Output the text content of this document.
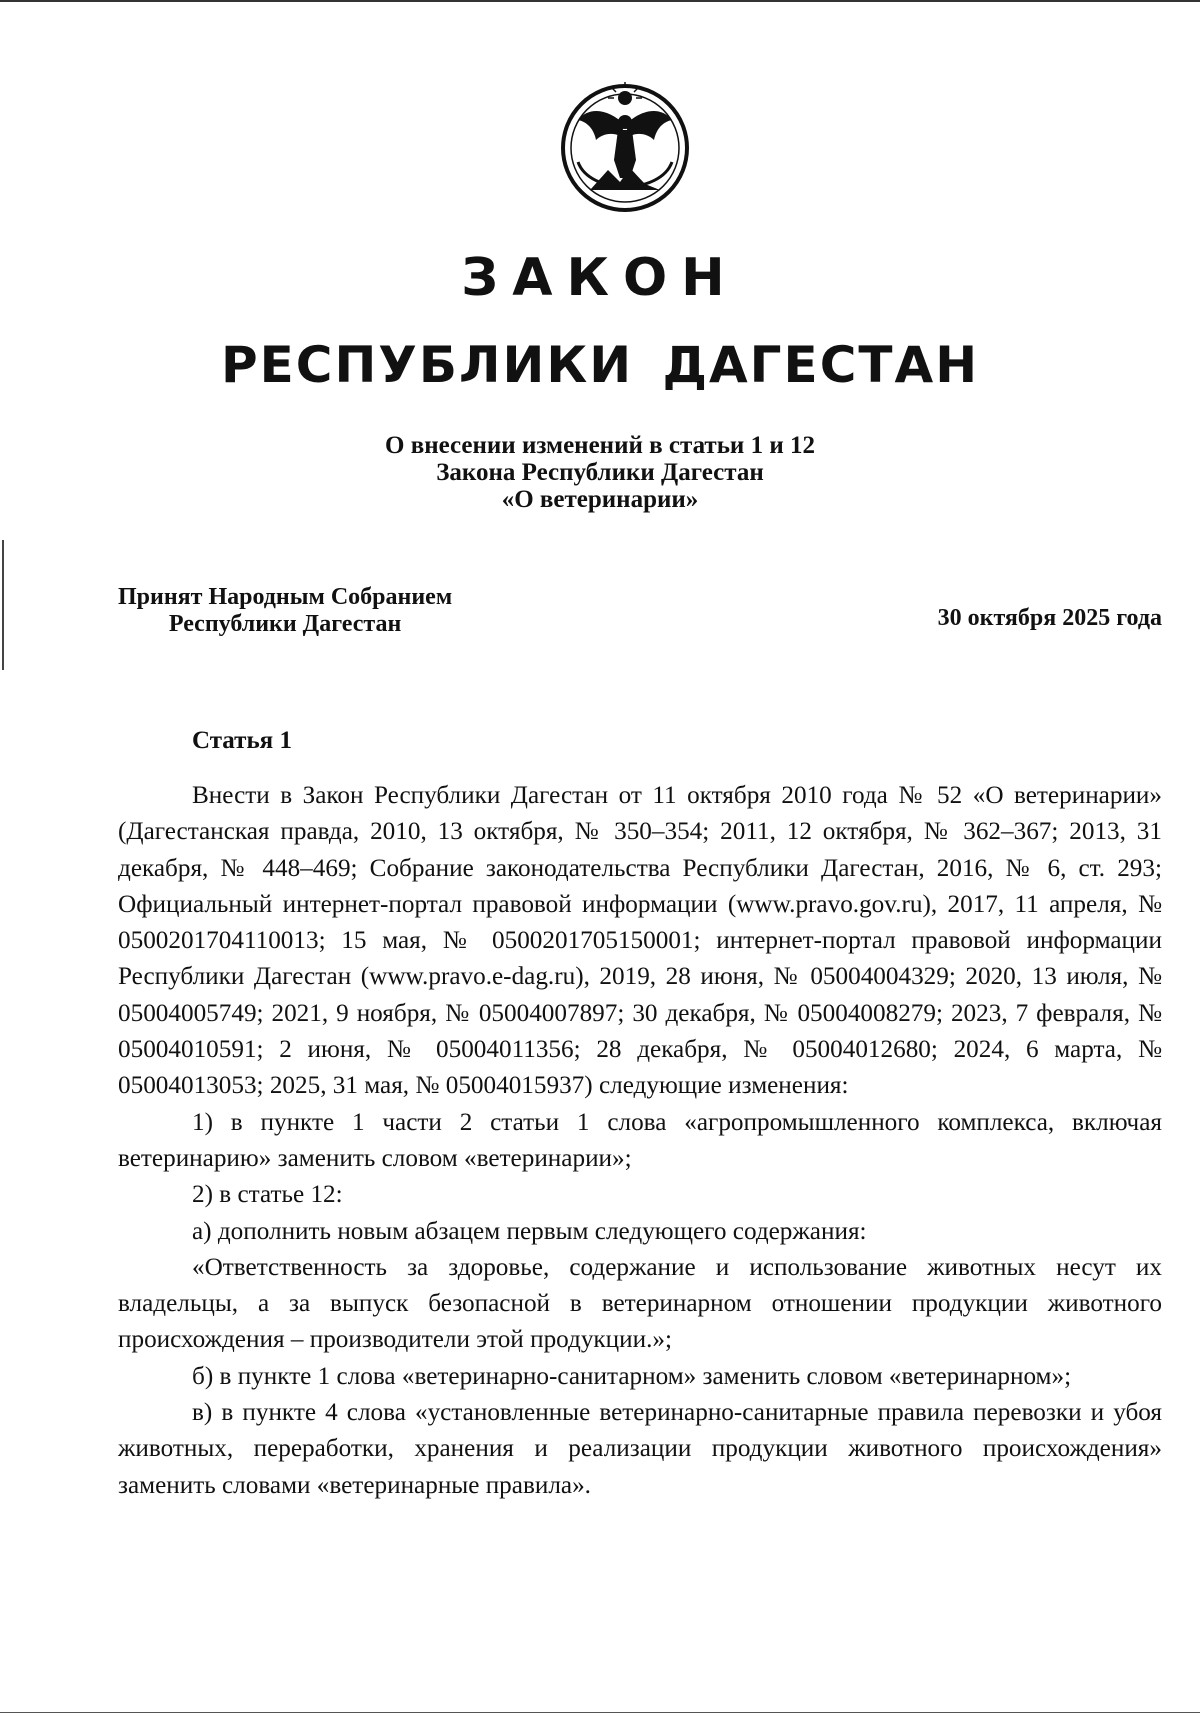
ЗАКОН
РЕСПУБЛИКИ ДАГЕСТАН
О внесении изменений в статьи 1 и 12
Закона Республики Дагестан
«О ветеринарии»
Принят Народным Собранием
Республики Дагестан	30 октября 2025 года
Статья 1

Внести в Закон Республики Дагестан от 11 октября 2010 года № 52 «О ветеринарии» (Дагестанская правда, 2010, 13 октября, № 350–354; 2011, 12 октября, № 362–367; 2013, 31 декабря, № 448–469; Собрание законодательства Республики Дагестан, 2016, № 6, ст. 293; Официальный интернет-портал правовой информации (www.pravo.gov.ru), 2017, 11 апреля, № 0500201704110013; 15 мая, № 0500201705150001; интернет-портал правовой информации Республики Дагестан (www.pravo.e-dag.ru), 2019, 28 июня, № 05004004329; 2020, 13 июля, № 05004005749; 2021, 9 ноября, № 05004007897; 30 декабря, № 05004008279; 2023, 7 февраля, № 05004010591; 2 июня, № 05004011356; 28 декабря, № 05004012680; 2024, 6 марта, № 05004013053; 2025, 31 мая, № 05004015937) следующие изменения:

1) в пункте 1 части 2 статьи 1 слова «агропромышленного комплекса, включая ветеринарию» заменить словом «ветеринарии»;

2) в статье 12:

а) дополнить новым абзацем первым следующего содержания:

«Ответственность за здоровье, содержание и использование животных несут их владельцы, а за выпуск безопасной в ветеринарном отношении продукции животного происхождения – производители этой продукции.»;

б) в пункте 1 слова «ветеринарно-санитарном» заменить словом «ветеринарном»;

в) в пункте 4 слова «установленные ветеринарно-санитарные правила перевозки и убоя животных, переработки, хранения и реализации продукции животного происхождения» заменить словами «ветеринарные правила».
